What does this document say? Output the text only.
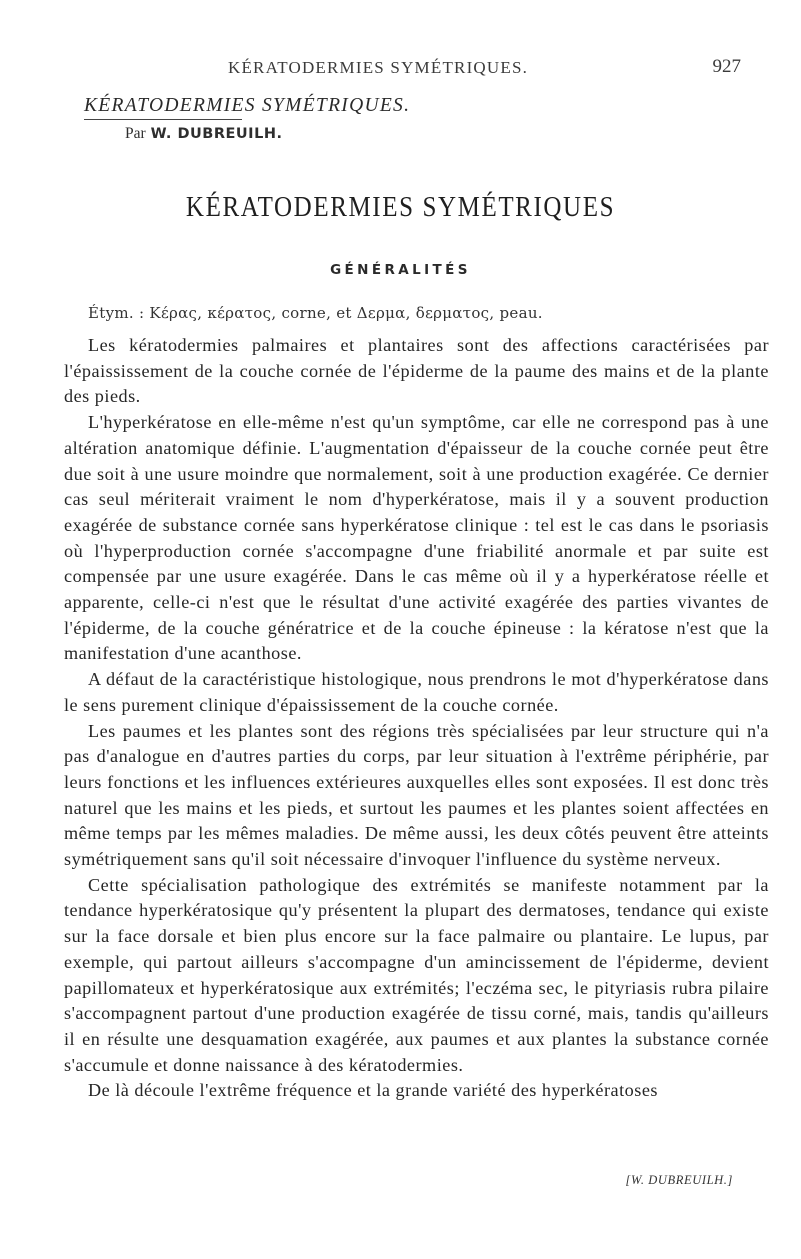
KÉRATODERMIES SYMÉTRIQUES.	927
KÉRATODERMIES SYMÉTRIQUES.
Par W. DUBREUILH.
KÉRATODERMIES SYMÉTRIQUES
GÉNÉRALITÉS
Étym. : Κέρας, κέρατος, corne, et Δερμα, δερματος, peau.

Les kératodermies palmaires et plantaires sont des affections caractérisées par l'épaississement de la couche cornée de l'épiderme de la paume des mains et de la plante des pieds.

L'hyperkératose en elle-même n'est qu'un symptôme, car elle ne correspond pas à une altération anatomique définie. L'augmentation d'épaisseur de la couche cornée peut être due soit à une usure moindre que normalement, soit à une production exagérée. Ce dernier cas seul mériterait vraiment le nom d'hyperkératose, mais il y a souvent production exagérée de substance cornée sans hyperkératose clinique : tel est le cas dans le psoriasis où l'hyperproduction cornée s'accompagne d'une friabilité anormale et par suite est compensée par une usure exagérée. Dans le cas même où il y a hyperkératose réelle et apparente, celle-ci n'est que le résultat d'une activité exagérée des parties vivantes de l'épiderme, de la couche génératrice et de la couche épineuse : la kératose n'est que la manifestation d'une acanthose.

A défaut de la caractéristique histologique, nous prendrons le mot d'hyperkératose dans le sens purement clinique d'épaississement de la couche cornée.

Les paumes et les plantes sont des régions très spécialisées par leur structure qui n'a pas d'analogue en d'autres parties du corps, par leur situation à l'extrême périphérie, par leurs fonctions et les influences extérieures auxquelles elles sont exposées. Il est donc très naturel que les mains et les pieds, et surtout les paumes et les plantes soient affectées en même temps par les mêmes maladies. De même aussi, les deux côtés peuvent être atteints symétriquement sans qu'il soit nécessaire d'invoquer l'influence du système nerveux.

Cette spécialisation pathologique des extrémités se manifeste notamment par la tendance hyperkératosique qu'y présentent la plupart des dermatoses, tendance qui existe sur la face dorsale et bien plus encore sur la face palmaire ou plantaire. Le lupus, par exemple, qui partout ailleurs s'accompagne d'un amincissement de l'épiderme, devient papillomateux et hyperkératosique aux extrémités; l'eczéma sec, le pityriasis rubra pilaire s'accompagnent partout d'une production exagérée de tissu corné, mais, tandis qu'ailleurs il en résulte une desquamation exagérée, aux paumes et aux plantes la substance cornée s'accumule et donne naissance à des kératodermies.

De là découle l'extrême fréquence et la grande variété des hyperkératoses

[W. DUBREUILH.]
